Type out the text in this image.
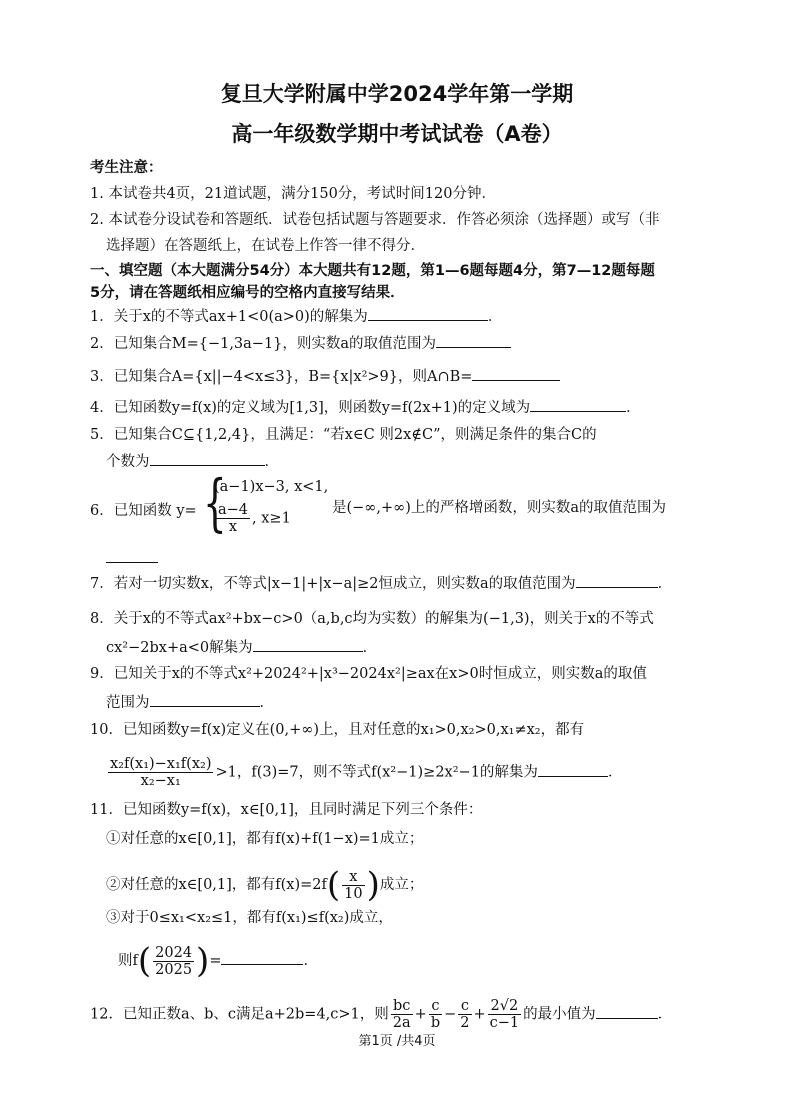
复旦大学附属中学2024学年第一学期
高一年级数学期中考试试卷（A卷）
考生注意：
1. 本试卷共4页，21道试题，满分150分，考试时间120分钟．
2. 本试卷分设试卷和答题纸．试卷包括试题与答题要求．作答必须涂（选择题）或写（非
选择题）在答题纸上，在试卷上作答一律不得分．
一、填空题（本大题满分54分）本大题共有12题，第1—6题每题4分，第7—12题每题
5分，请在答题纸相应编号的空格内直接写结果．
1．关于x的不等式ax+1<0(a>0)的解集为	．
2．已知集合M={−1,3a−1}，则实数a的取值范围为
3．已知集合A={x||−4<x≤3}，B={x|x²>9}，则A∩B=
4．已知函数y=f(x)的定义域为[1,3]，则函数y=f(2x+1)的定义域为	．
5．已知集合C⊆{1,2,4}，且满足：“若x∈C 则2x∉C”，则满足条件的集合C的
个数为	．
6．已知函数 y= {
(a−1)x−3, x<1,
$\frac{a-4}{x}$ , x≥1
是(−∞,+∞)上的严格增函数，则实数a的取值范围为
7．若对一切实数x，不等式|x−1|+|x−a|≥2恒成立，则实数a的取值范围为	．
8．关于x的不等式ax²+bx−c>0（a,b,c均为实数）的解集为(−1,3)，则关于x的不等式
cx²−2bx+a<0解集为	．
9．已知关于x的不等式x²+2024²+|x³−2024x²|≥ax在x>0时恒成立，则实数a的取值
范围为	．
10．已知函数y=f(x)定义在(0,+∞)上，且对任意的x₁>0,x₂>0,x₁≠x₂，都有
$\frac{\text{x₂f(x₁)−x₁f(x₂)}}{\text{x₂−x₁}} >1$，f(3)=7，则不等式f(x²−1)≥2x²−1的解集为	．
11．已知函数y=f(x)，x∈[0,1]，且同时满足下列三个条件：
①对任意的x∈[0,1]，都有f(x)+f(1−x)=1成立；
②对任意的x∈[0,1]，都有$f(x)=2f( \frac{x}{10}$ )成立；
③对于0≤x₁<x₂≤1，都有f(x₁)≤f(x₂)成立，
则$f( \frac{2024}{2025}$ )=	．
12．已知正数a、b、c满足a+2b=4,c>1，则 $\frac{bc}{2a} + \frac{c}{b} - \frac{c}{2} + \frac{2√2}{c-1}$ 的最小值为	．
第1页 /共4页
